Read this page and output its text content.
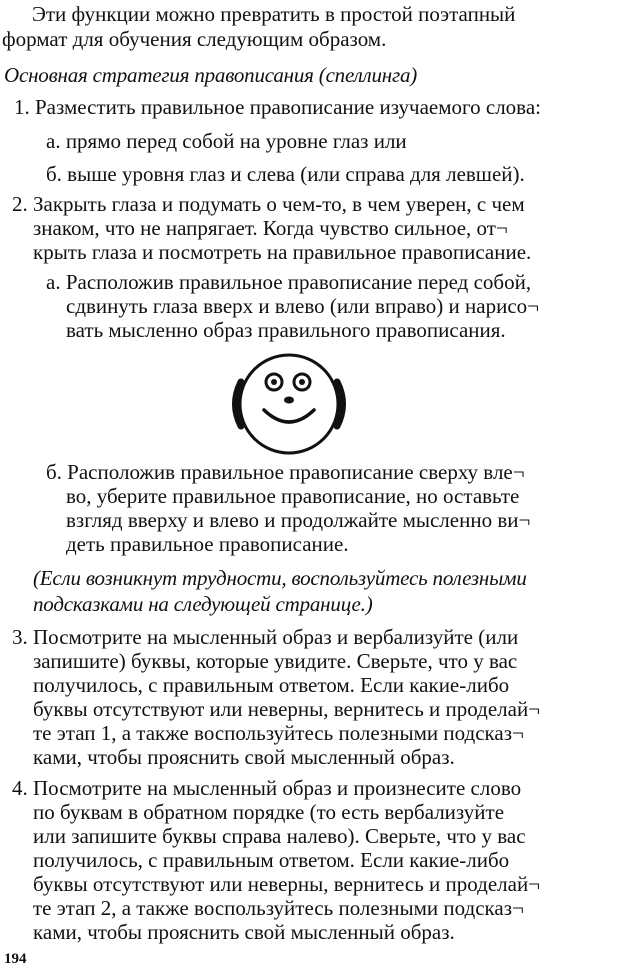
Эти функции можно превратить в простой поэтапный
формат для обучения следующим образом.
Основная стратегия правописания (спеллинга)
1. Разместить правильное правописание изучаемого слова:
а. прямо перед собой на уровне глаз или
б. выше уровня глаз и слева (или справа для левшей).
2. Закрыть глаза и подумать о чем-то, в чем уверен, с чем
знаком, что не напрягает. Когда чувство сильное, от¬
крыть глаза и посмотреть на правильное правописание.
а. Расположив правильное правописание перед собой,
сдвинуть глаза вверх и влево (или вправо) и нарисо¬
вать мысленно образ правильного правописания.
б. Расположив правильное правописание сверху вле¬
во, уберите правильное правописание, но оставьте
взгляд вверху и влево и продолжайте мысленно ви¬
деть правильное правописание.
(Если возникнут трудности, воспользуйтесь полезными
подсказками на следующей странице.)
3. Посмотрите на мысленный образ и вербализуйте (или
запишите) буквы, которые увидите. Сверьте, что у вас
получилось, с правильным ответом. Если какие-либо
буквы отсутствуют или неверны, вернитесь и проделай¬
те этап 1, а также воспользуйтесь полезными подсказ¬
ками, чтобы прояснить свой мысленный образ.
4. Посмотрите на мысленный образ и произнесите слово
по буквам в обратном порядке (то есть вербализуйте
или запишите буквы справа налево). Сверьте, что у вас
получилось, с правильным ответом. Если какие-либо
буквы отсутствуют или неверны, вернитесь и проделай¬
те этап 2, а также воспользуйтесь полезными подсказ¬
ками, чтобы прояснить свой мысленный образ.
194
